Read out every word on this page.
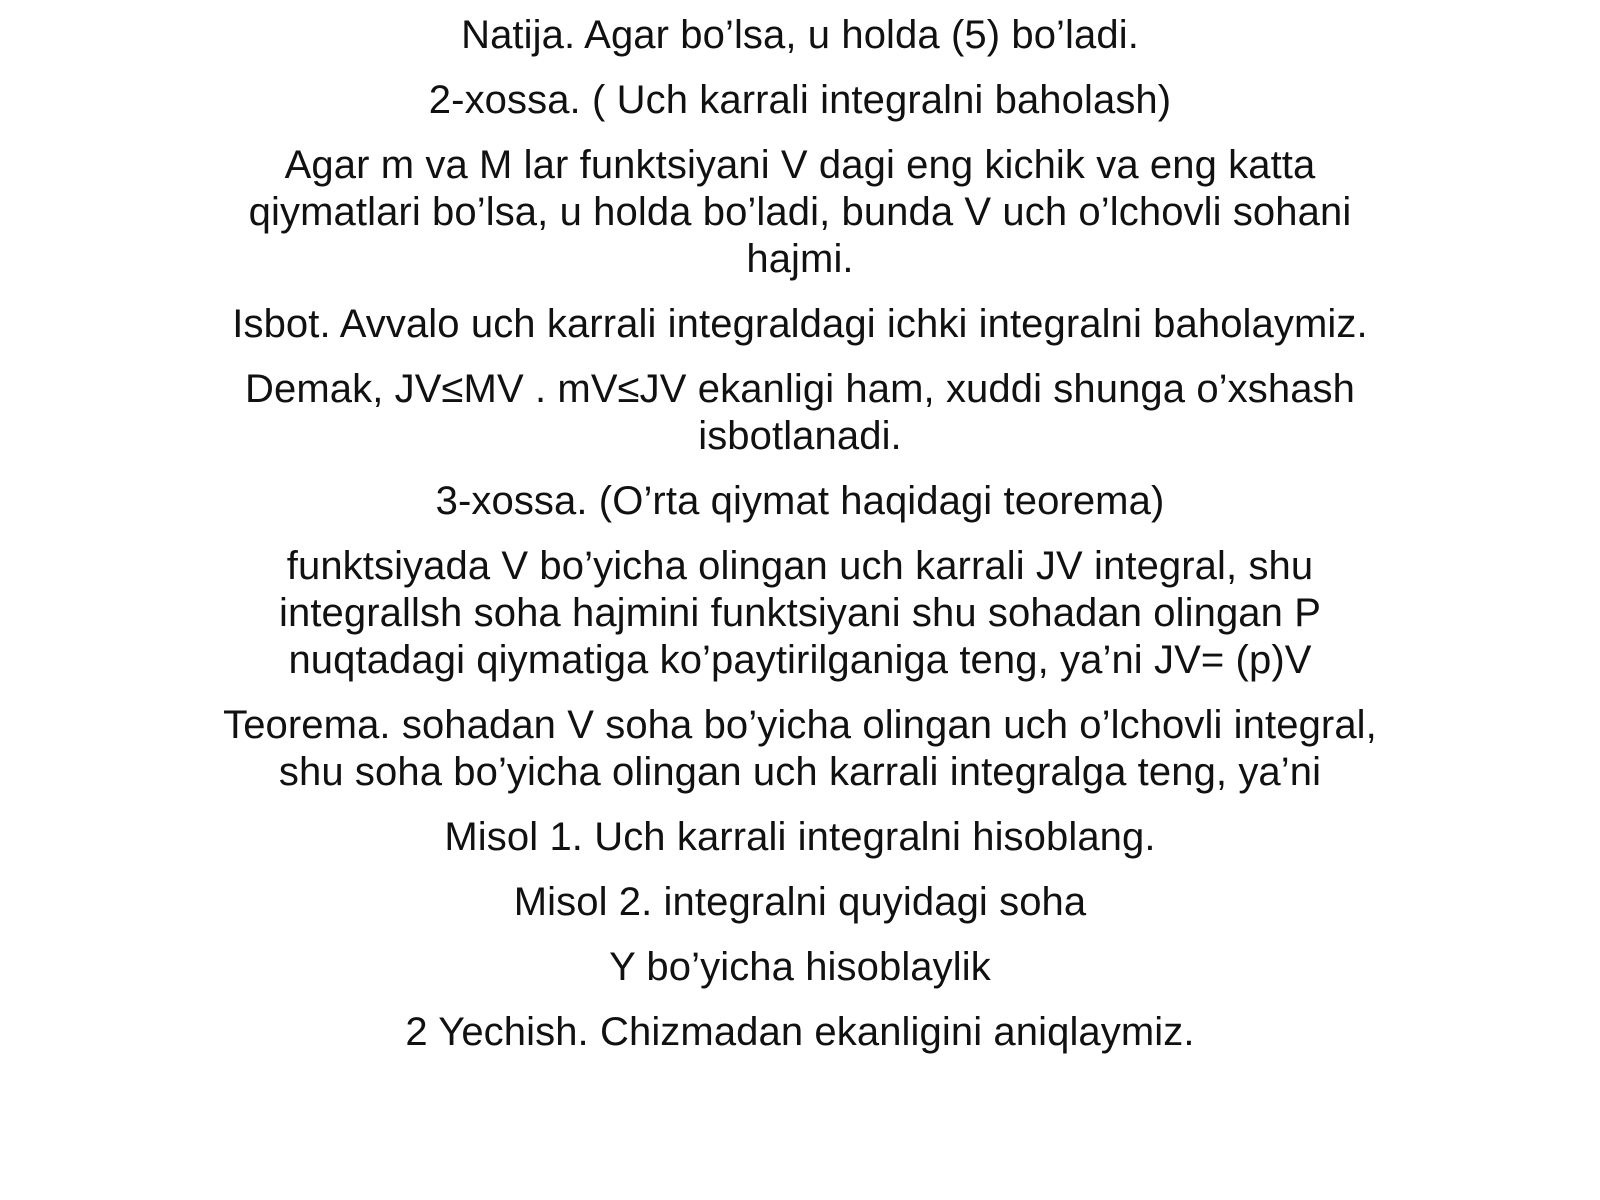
Natija. Agar bo’lsa, u holda (5) bo’ladi.

2-xossa. ( Uch karrali integralni baholash)

Agar m va M lar funktsiyani V dagi eng kichik va eng katta qiymatlari bo’lsa, u holda bo’ladi, bunda V uch o’lchovli sohani hajmi.

Isbot. Avvalo uch karrali integraldagi ichki integralni baholaymiz.

Demak, JV≤MV . mV≤JV ekanligi ham, xuddi shunga o’xshash isbotlanadi.

3-xossa. (O’rta qiymat haqidagi teorema)

funktsiyada V bo’yicha olingan uch karrali JV integral, shu integrallsh soha hajmini funktsiyani shu sohadan olingan P nuqtadagi qiymatiga ko’paytirilganiga teng, ya’ni JV= (p)V

Teorema. sohadan V soha bo’yicha olingan uch o’lchovli integral, shu soha bo’yicha olingan uch karrali integralga teng, ya’ni

Misol 1. Uch karrali integralni hisoblang.

Misol 2. integralni quyidagi soha

Y bo’yicha hisoblaylik

2 Yechish. Chizmadan ekanligini aniqlaymiz.
